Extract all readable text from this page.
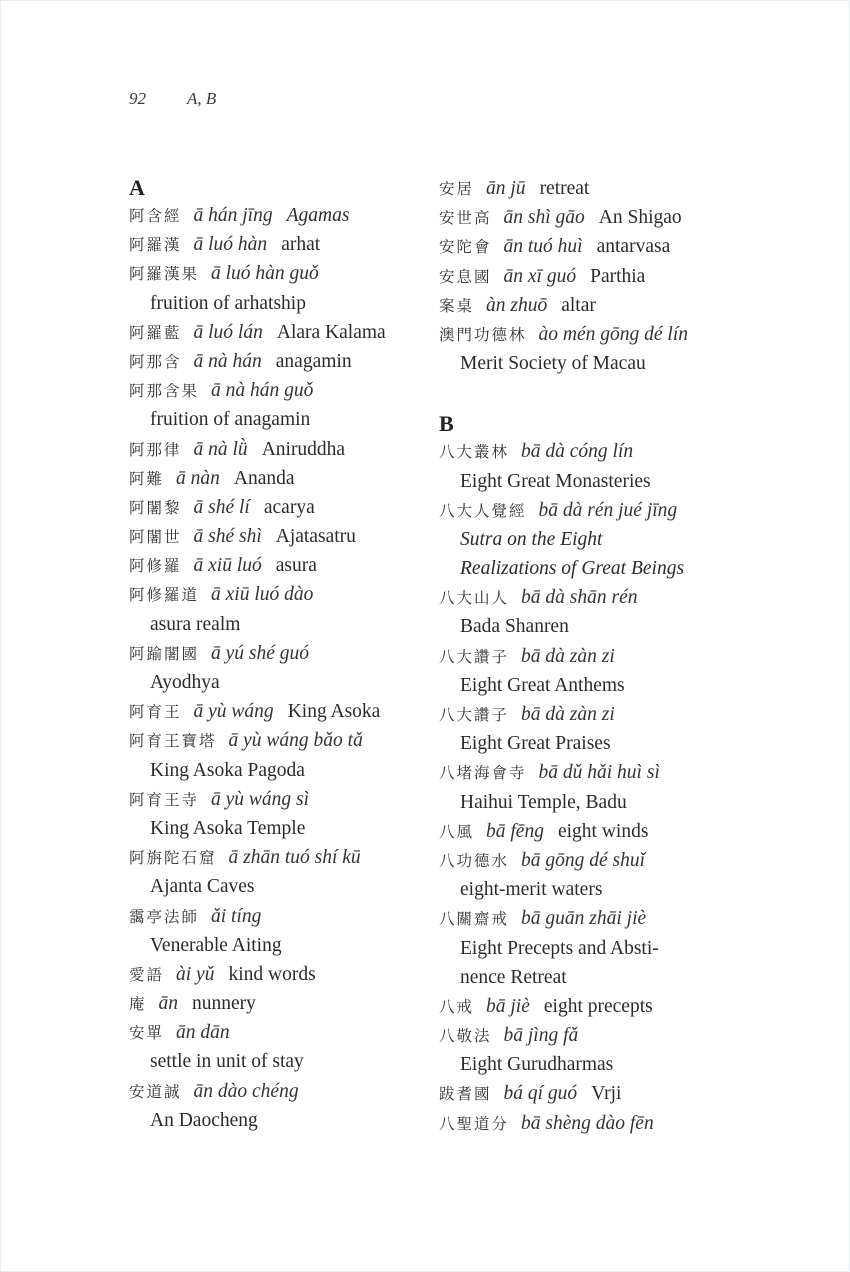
92 A, B
A
阿含經 ā hán jīng Agamas
阿羅漢 ā luó hàn arhat
阿羅漢果 ā luó hàn guǒ
fruition of arhatship
阿羅藍 ā luó lán Alara Kalama
阿那含 ā nà hán anagamin
阿那含果 ā nà hán guǒ
fruition of anagamin
阿那律 ā nà lǜ Aniruddha
阿難 ā nàn Ananda
阿闍黎 ā shé lí acarya
阿闍世 ā shé shì Ajatasatru
阿修羅 ā xiū luó asura
阿修羅道 ā xiū luó dào
asura realm
阿踰闍國 ā yú shé guó
Ayodhya
阿育王 ā yù wáng King Asoka
阿育王寶塔 ā yù wáng bǎo tǎ
King Asoka Pagoda
阿育王寺 ā yù wáng sì
King Asoka Temple
阿旃陀石窟 ā zhān tuó shí kū
Ajanta Caves
靄亭法師 ǎi tíng
Venerable Aiting
愛語 ài yǔ kind words
庵 ān nunnery
安單 ān dān
settle in unit of stay
安道誠 ān dào chéng
An Daocheng
安居 ān jū retreat
安世高 ān shì gāo An Shigao
安陀會 ān tuó huì antarvasa
安息國 ān xī guó Parthia
案桌 àn zhuō altar
澳門功德林 ào mén gōng dé lín
Merit Society of Macau
B
八大叢林 bā dà cóng lín
Eight Great Monasteries
八大人覺經 bā dà rén jué jīng
Sutra on the Eight
Realizations of Great Beings
八大山人 bā dà shān rén
Bada Shanren
八大讚子 bā dà zàn zi
Eight Great Anthems
八大讚子 bā dà zàn zi
Eight Great Praises
八堵海會寺 bā dǔ hǎi huì sì
Haihui Temple, Badu
八風 bā fēng eight winds
八功德水 bā gōng dé shuǐ
eight-merit waters
八關齋戒 bā guān zhāi jiè
Eight Precepts and Absti-
nence Retreat
八戒 bā jiè eight precepts
八敬法 bā jìng fǎ
Eight Gurudharmas
跋耆國 bá qí guó Vrji
八聖道分 bā shèng dào fēn
